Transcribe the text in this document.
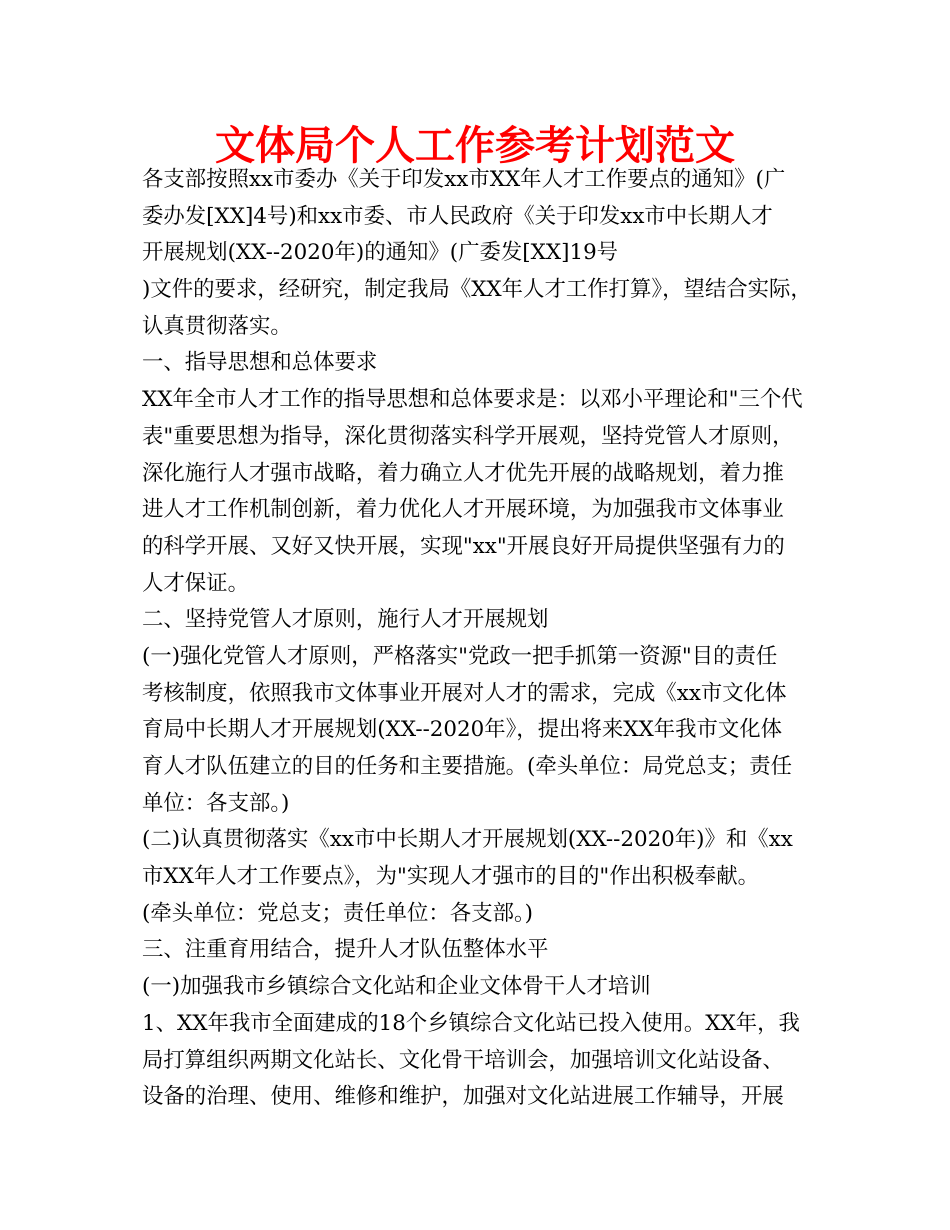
文体局个人工作参考计划范文
各支部按照xx市委办《关于印发xx市XX年人才工作要点的通知》(广
委办发[XX]4号)和xx市委、市人民政府《关于印发xx市中长期人才
开展规划(XX--2020年)的通知》(广委发[XX]19号
)文件的要求，经研究，制定我局《XX年人才工作打算》，望结合实际，
认真贯彻落实。
一、指导思想和总体要求
XX年全市人才工作的指导思想和总体要求是：以邓小平理论和"三个代
表"重要思想为指导，深化贯彻落实科学开展观，坚持党管人才原则，
深化施行人才强市战略，着力确立人才优先开展的战略规划，着力推
进人才工作机制创新，着力优化人才开展环境，为加强我市文体事业
的科学开展、又好又快开展，实现"xx"开展良好开局提供坚强有力的
人才保证。
二、坚持党管人才原则，施行人才开展规划
(一)强化党管人才原则，严格落实"党政一把手抓第一资源"目的责任
考核制度，依照我市文体事业开展对人才的需求，完成《xx市文化体
育局中长期人才开展规划(XX--2020年》，提出将来XX年我市文化体
育人才队伍建立的目的任务和主要措施。(牵头单位：局党总支；责任
单位：各支部。)
(二)认真贯彻落实《xx市中长期人才开展规划(XX--2020年)》和《xx
市XX年人才工作要点》，为"实现人才强市的目的"作出积极奉献。
(牵头单位：党总支；责任单位：各支部。)
三、注重育用结合，提升人才队伍整体水平
(一)加强我市乡镇综合文化站和企业文体骨干人才培训
1、XX年我市全面建成的18个乡镇综合文化站已投入使用。XX年，我
局打算组织两期文化站长、文化骨干培训会，加强培训文化站设备、
设备的治理、使用、维修和维护，加强对文化站进展工作辅导，开展
